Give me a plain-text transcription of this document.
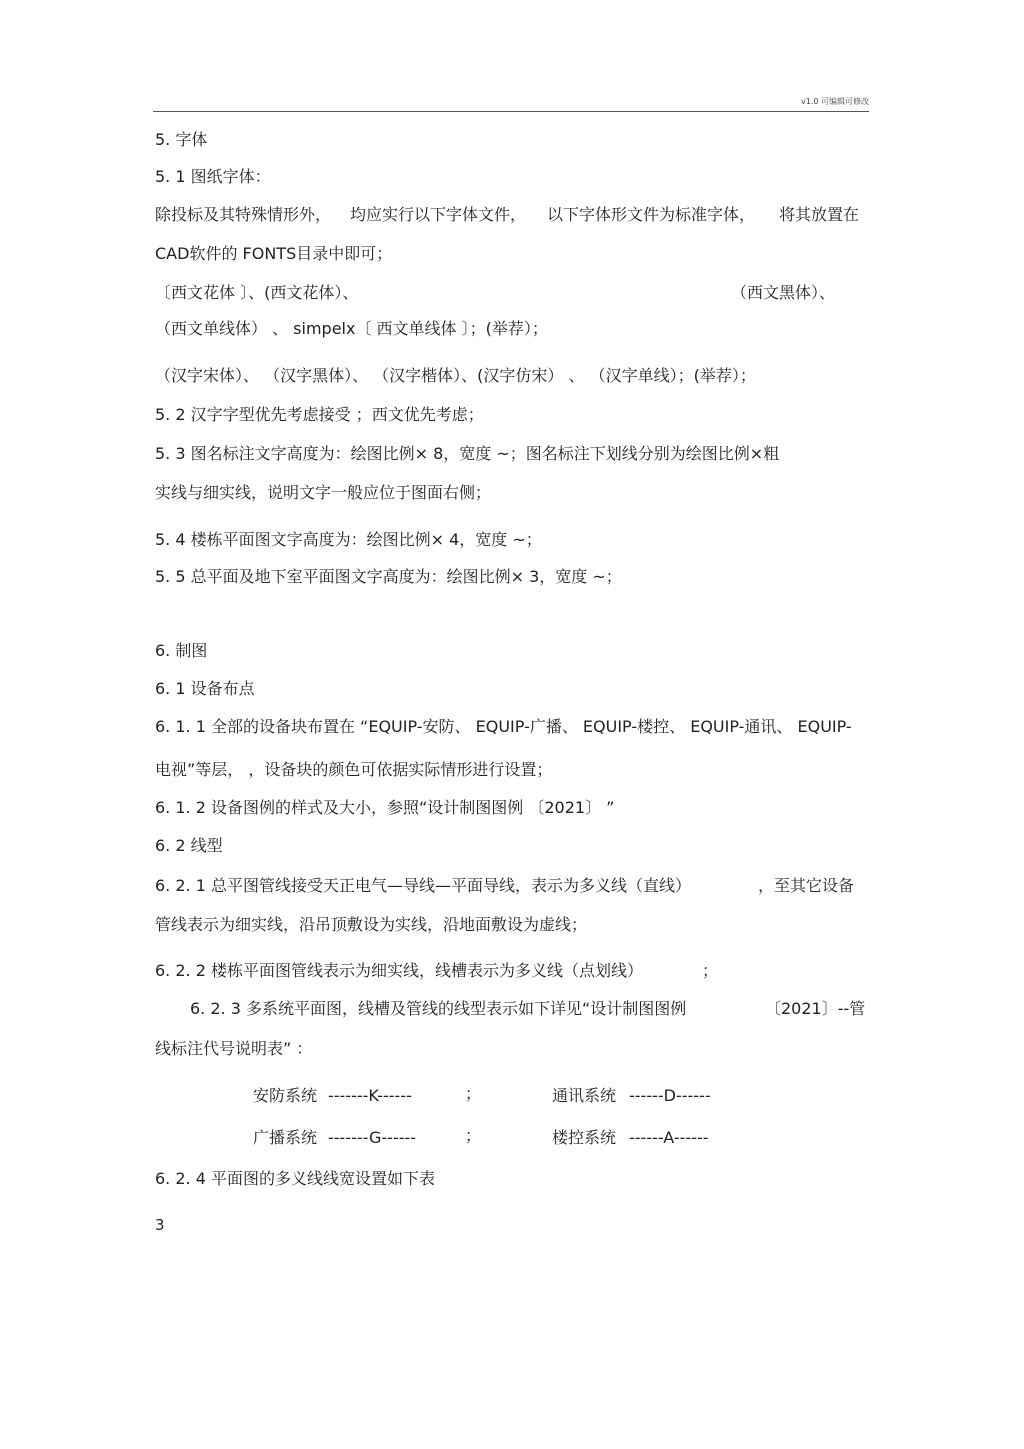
v1.0 可编辑可修改
5. 字体
5. 1 图纸字体：
除投标及其特殊情形外， 均应实行以下字体文件， 以下字体形文件为标准字体， 将其放置在
CAD软件的 FONTS目录中即可；
〔西文花体 〕、(西文花体）、	（西文黑体）、
（西文单线体） 、 simpelx〔 西文单线体 〕；(举荐）；
（汉字宋体）、 （汉字黑体）、 （汉字楷体）、(汉字仿宋） 、 （汉字单线）；(举荐）；
5. 2 汉字字型优先考虑接受 ；西文优先考虑；
5. 3 图名标注文字高度为：绘图比例× 8，宽度 ~；图名标注下划线分别为绘图比例×粗
实线与细实线，说明文字一般应位于图面右侧；
5. 4 楼栋平面图文字高度为：绘图比例× 4，宽度 ~；
5. 5 总平面及地下室平面图文字高度为：绘图比例× 3，宽度 ~；
6. 制图
6. 1 设备布点
6. 1. 1 全部的设备块布置在 “EQUIP-安防、 EQUIP-广播、 EQUIP-楼控、 EQUIP-通讯、 EQUIP-
电视”等层， ，设备块的颜色可依据实际情形进行设置；
6. 1. 2 设备图例的样式及大小，参照“设计制图图例 〔2021〕 ”
6. 2 线型
6. 2. 1 总平图管线接受天正电气—导线—平面导线，表示为多义线（直线）	，至其它设备
管线表示为细实线，沿吊顶敷设为实线，沿地面敷设为虚线；
6. 2. 2 楼栋平面图管线表示为细实线，线槽表示为多义线（点划线）	；
6. 2. 3 多系统平面图，线槽及管线的线型表示如下详见“设计制图图例	〔2021〕--管
线标注代号说明表” ：
安防系统 -------K------	；	通讯系统 ------D------
广播系统 -------G------	；	楼控系统 ------A------
6. 2. 4 平面图的多义线线宽设置如下表
3
